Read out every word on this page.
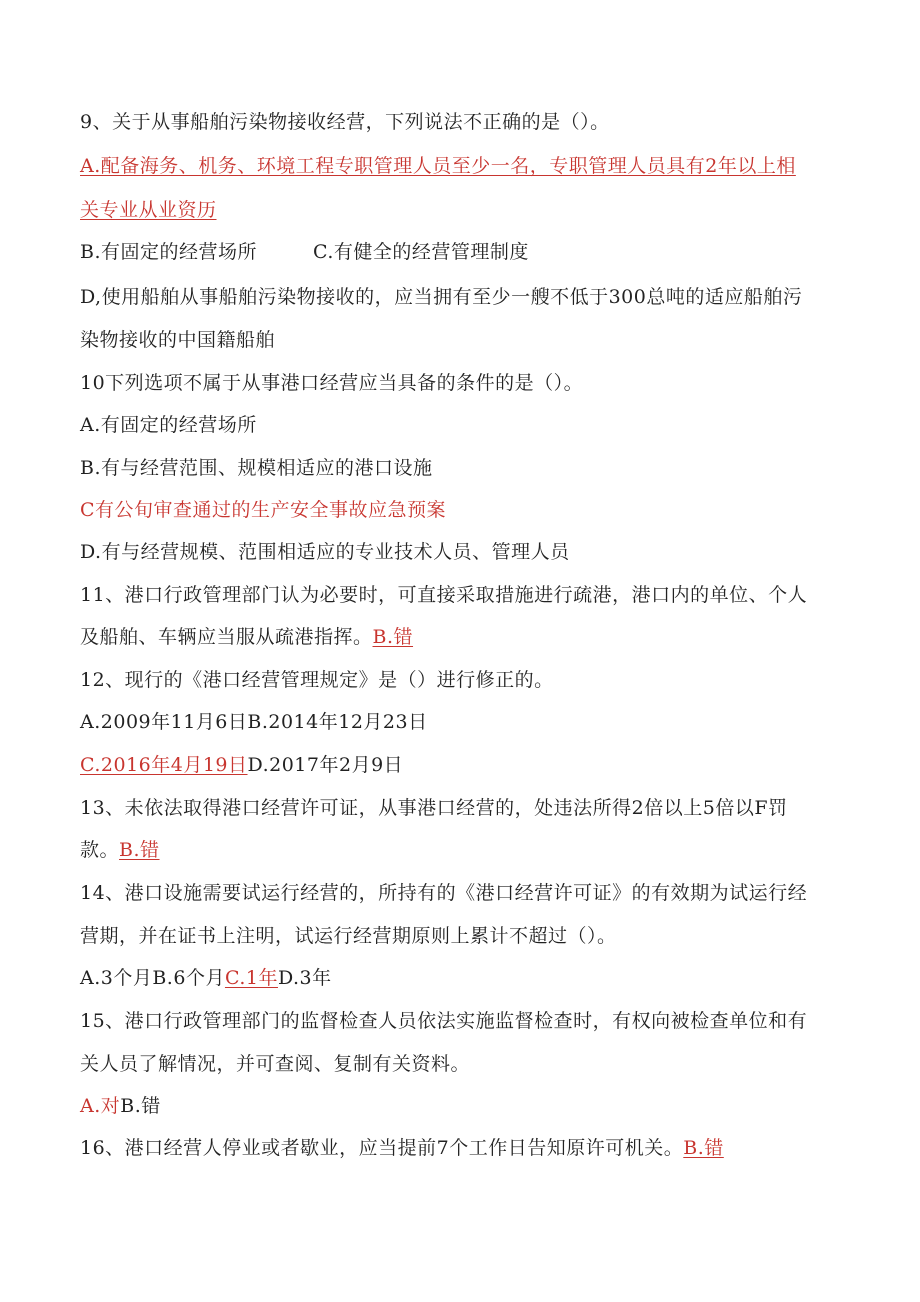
9、关于从事船舶污染物接收经营，下列说法不正确的是（）。
A.配备海务、机务、环境工程专职管理人员至少一名，专职管理人员具有2年以上相
关专业从业资历
B.有固定的经营场所	C.有健全的经营管理制度
D,使用船舶从事船舶污染物接收的，应当拥有至少一艘不低于300总吨的适应船舶污
染物接收的中国籍船舶
10下列选项不属于从事港口经营应当具备的条件的是（）。
A.有固定的经营场所
B.有与经营范围、规模相适应的港口设施
C有公旬审查通过的生产安全事故应急预案
D.有与经营规模、范围相适应的专业技术人员、管理人员
11、港口行政管理部门认为必要时，可直接采取措施进行疏港，港口内的单位、个人
及船舶、车辆应当服从疏港指挥。B.错
12、现行的《港口经营管理规定》是（）进行修正的。
A.2009年11月6日B.2014年12月23日
C.2016年4月19日D.2017年2月9日
13、未依法取得港口经营许可证，从事港口经营的，处违法所得2倍以上5倍以F罚
款。B.错
14、港口设施需要试运行经营的，所持有的《港口经营许可证》的有效期为试运行经
营期，并在证书上注明，试运行经营期原则上累计不超过（）。
A.3个月B.6个月C.1年D.3年
15、港口行政管理部门的监督检查人员依法实施监督检查时，有权向被检查单位和有
关人员了解情况，并可查阅、复制有关资料。
A.对B.错
16、港口经营人停业或者歇业，应当提前7个工作日告知原许可机关。B.错
